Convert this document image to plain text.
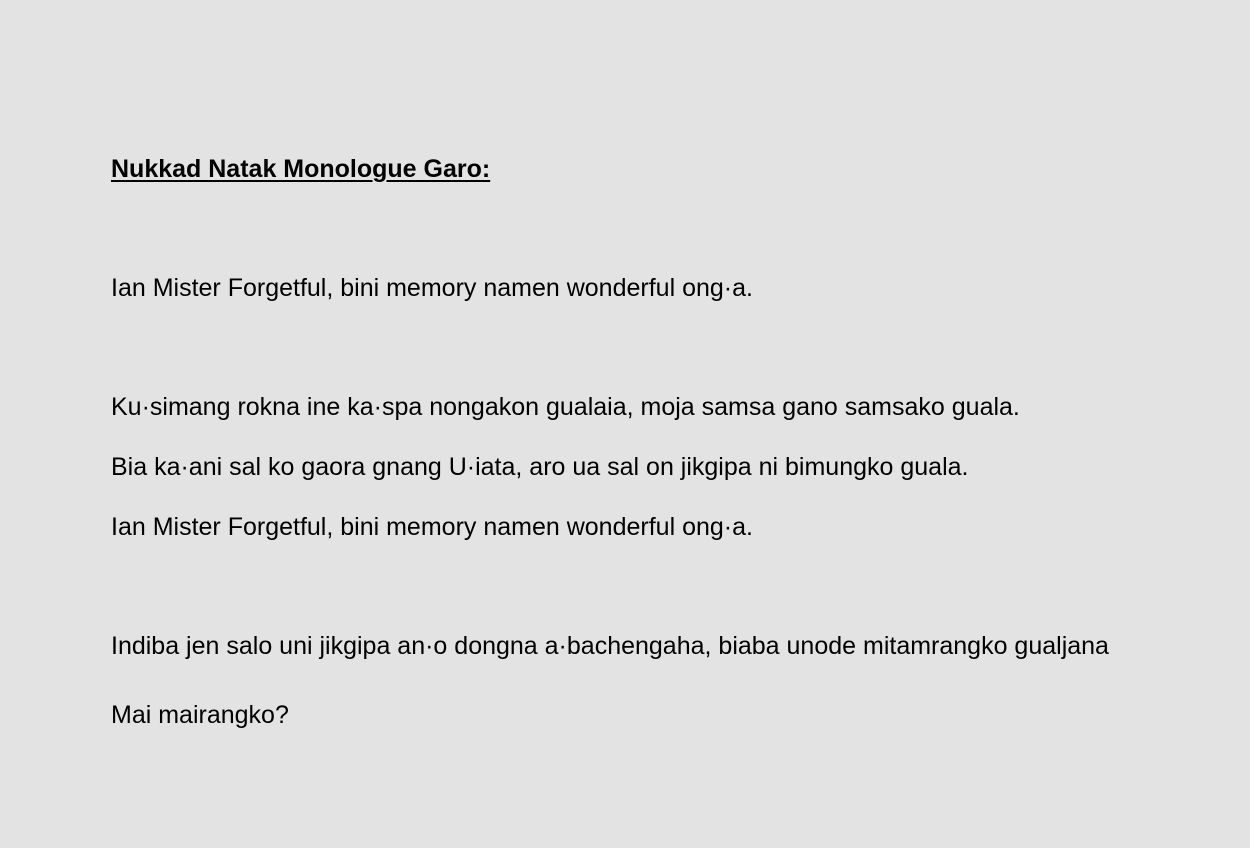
Nukkad Natak Monologue Garo:
Ian Mister Forgetful, bini memory namen wonderful ong·a.
Ku·simang rokna ine ka·spa nongakon gualaia, moja samsa gano samsako guala.
Bia ka·ani sal ko gaora gnang U·iata, aro ua sal on jikgipa ni bimungko guala.
Ian Mister Forgetful, bini memory namen wonderful ong·a.
Indiba jen salo uni jikgipa an·o dongna a·bachengaha, biaba unode mitamrangko gualjana
Mai mairangko?
